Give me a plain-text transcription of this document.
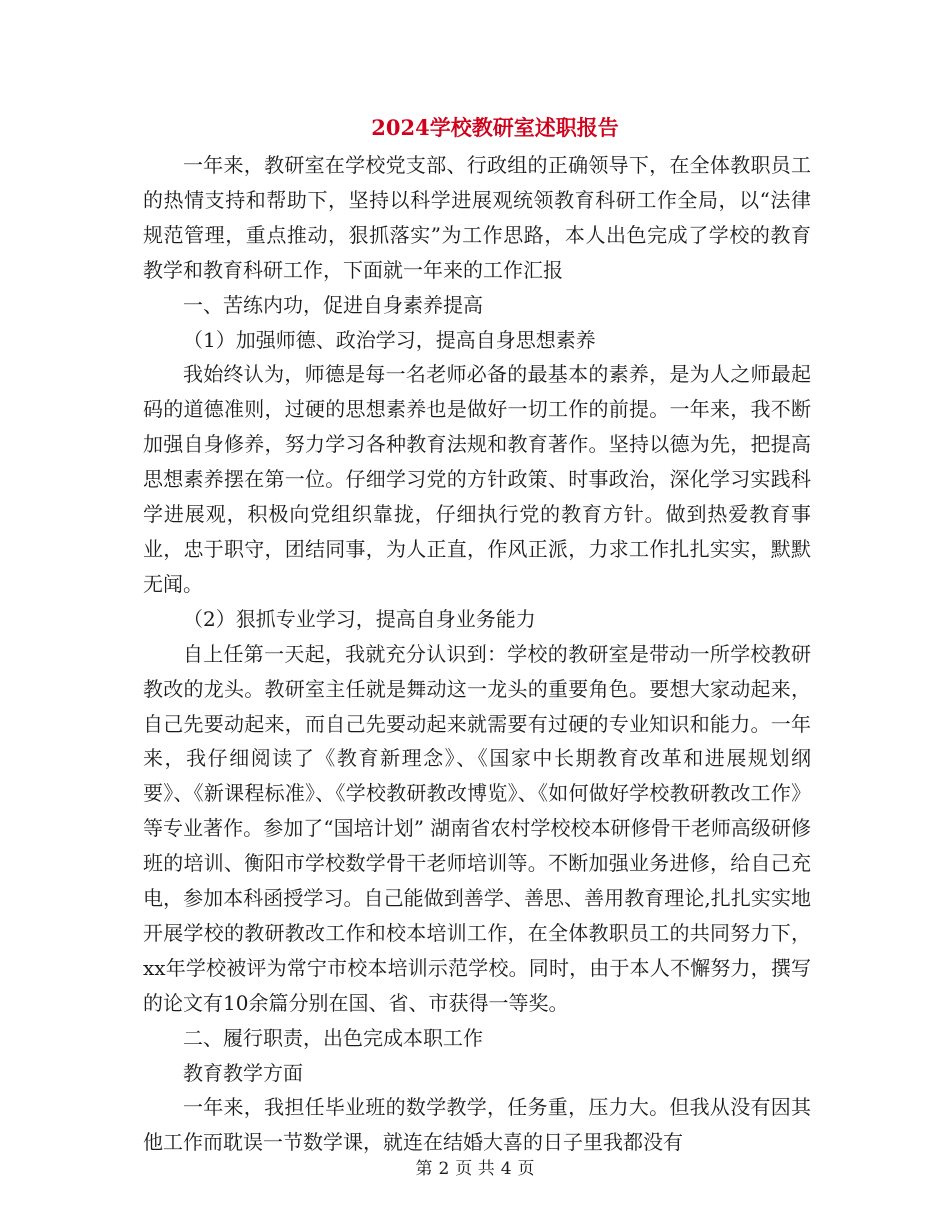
2024学校教研室述职报告

一年来，教研室在学校党支部、行政组的正确领导下，在全体教职员工的热情支持和帮助下，坚持以科学进展观统领教育科研工作全局，以“法律规范管理，重点推动，狠抓落实”为工作思路，本人出色完成了学校的教育教学和教育科研工作，下面就一年来的工作汇报

一、苦练内功，促进自身素养提高

（1）加强师德、政治学习，提高自身思想素养

我始终认为，师德是每一名老师必备的最基本的素养，是为人之师最起码的道德准则，过硬的思想素养也是做好一切工作的前提。一年来，我不断加强自身修养，努力学习各种教育法规和教育著作。坚持以德为先，把提高思想素养摆在第一位。仔细学习党的方针政策、时事政治，深化学习实践科学进展观，积极向党组织靠拢，仔细执行党的教育方针。做到热爱教育事业，忠于职守，团结同事，为人正直，作风正派，力求工作扎扎实实，默默无闻。

（2）狠抓专业学习，提高自身业务能力

自上任第一天起，我就充分认识到：学校的教研室是带动一所学校教研教改的龙头。教研室主任就是舞动这一龙头的重要角色。要想大家动起来，自己先要动起来，而自己先要动起来就需要有过硬的专业知识和能力。一年来，我仔细阅读了《教育新理念》、《国家中长期教育改革和进展规划纲要》、《新课程标准》、《学校教研教改博览》、《如何做好学校教研教改工作》等专业著作。参加了“国培计划” 湖南省农村学校校本研修骨干老师高级研修班的培训、衡阳市学校数学骨干老师培训等。不断加强业务进修，给自己充电，参加本科函授学习。自己能做到善学、善思、善用教育理论,扎扎实实地开展学校的教研教改工作和校本培训工作，在全体教职员工的共同努力下，xx年学校被评为常宁市校本培训示范学校。同时，由于本人不懈努力，撰写的论文有10余篇分别在国、省、市获得一等奖。

二、履行职责，出色完成本职工作

教育教学方面

一年来，我担任毕业班的数学教学，任务重，压力大。但我从没有因其他工作而耽误一节数学课，就连在结婚大喜的日子里我都没有

第 2 页 共 4 页
